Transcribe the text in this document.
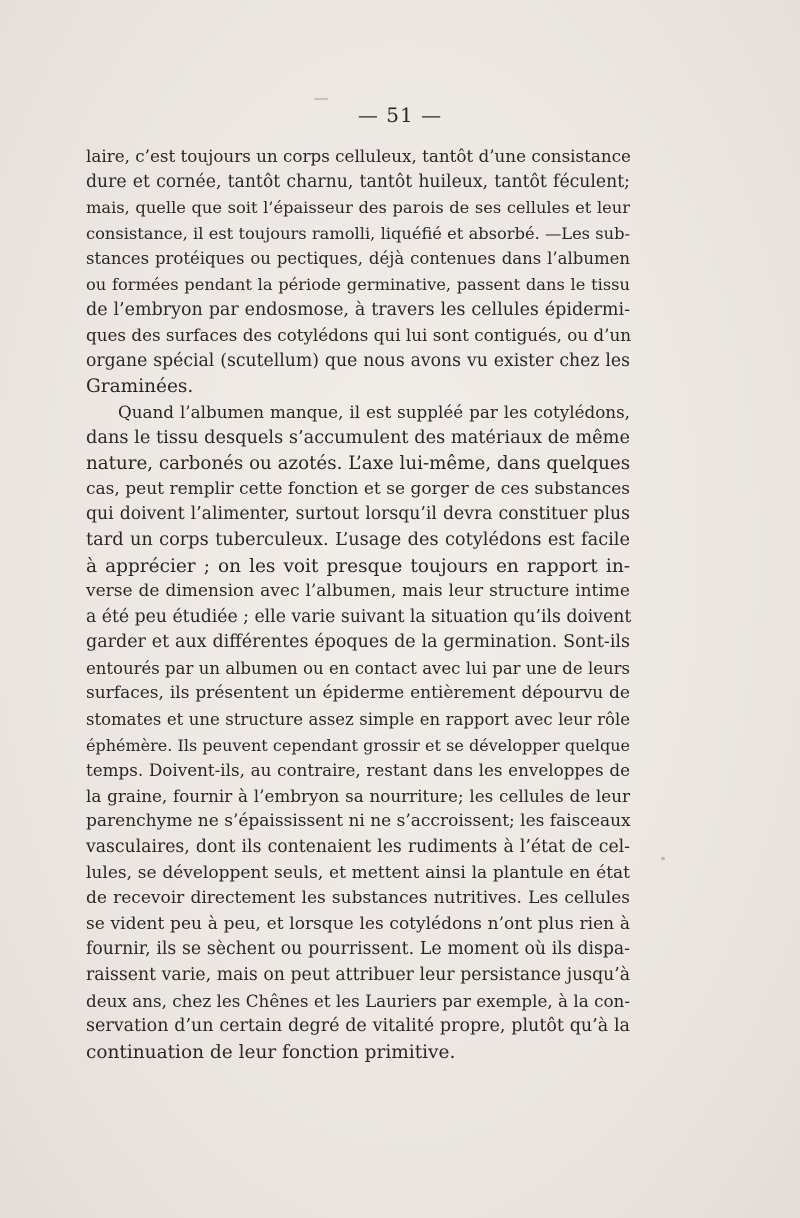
— 51 —
laire, c’est toujours un corps celluleux, tantôt d’une consistance
dure et cornée, tantôt charnu, tantôt huileux, tantôt féculent;
mais, quelle que soit l’épaisseur des parois de ses cellules et leur
consistance, il est toujours ramolli, liquéfié et absorbé. —Les sub-
stances protéiques ou pectiques, déjà contenues dans l’albumen
ou formées pendant la période germinative, passent dans le tissu
de l’embryon par endosmose, à travers les cellules épidermi-
ques des surfaces des cotylédons qui lui sont contigués, ou d’un
organe spécial (scutellum) que nous avons vu exister chez les
Graminées.
Quand l’albumen manque, il est suppléé par les cotylédons,
dans le tissu desquels s’accumulent des matériaux de même
nature, carbonés ou azotés. L’axe lui-même, dans quelques
cas, peut remplir cette fonction et se gorger de ces substances
qui doivent l’alimenter, surtout lorsqu’il devra constituer plus
tard un corps tuberculeux. L’usage des cotylédons est facile
à apprécier ; on les voit presque toujours en rapport in-
verse de dimension avec l’albumen, mais leur structure intime
a été peu étudiée ; elle varie suivant la situation qu’ils doivent
garder et aux différentes époques de la germination. Sont-ils
entourés par un albumen ou en contact avec lui par une de leurs
surfaces, ils présentent un épiderme entièrement dépourvu de
stomates et une structure assez simple en rapport avec leur rôle
éphémère. Ils peuvent cependant grossir et se développer quelque
temps. Doivent-ils, au contraire, restant dans les enveloppes de
la graine, fournir à l’embryon sa nourriture; les cellules de leur
parenchyme ne s’épaississent ni ne s’accroissent; les faisceaux
vasculaires, dont ils contenaient les rudiments à l’état de cel-
lules, se développent seuls, et mettent ainsi la plantule en état
de recevoir directement les substances nutritives. Les cellules
se vident peu à peu, et lorsque les cotylédons n’ont plus rien à
fournir, ils se sèchent ou pourrissent. Le moment où ils dispa-
raissent varie, mais on peut attribuer leur persistance jusqu’à
deux ans, chez les Chênes et les Lauriers par exemple, à la con-
servation d’un certain degré de vitalité propre, plutôt qu’à la
continuation de leur fonction primitive.
